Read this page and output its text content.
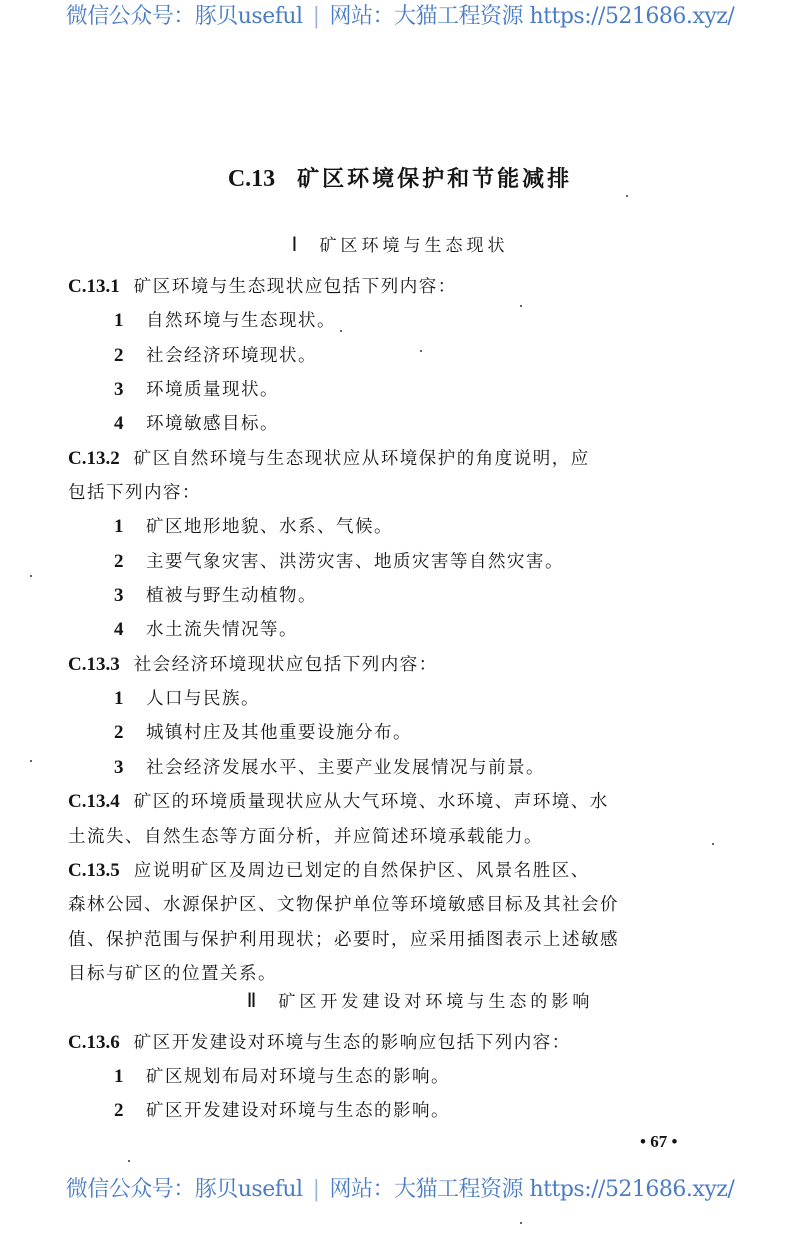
微信公众号：豚贝useful | 网站：大猫工程资源 https://521686.xyz/
C.13 矿区环境保护和节能减排
Ⅰ 矿区环境与生态现状
C.13.1 矿区环境与生态现状应包括下列内容：
1 自然环境与生态现状。
2 社会经济环境现状。
3 环境质量现状。
4 环境敏感目标。
C.13.2 矿区自然环境与生态现状应从环境保护的角度说明，应
包括下列内容：
1 矿区地形地貌、水系、气候。
2 主要气象灾害、洪涝灾害、地质灾害等自然灾害。
3 植被与野生动植物。
4 水土流失情况等。
C.13.3 社会经济环境现状应包括下列内容：
1 人口与民族。
2 城镇村庄及其他重要设施分布。
3 社会经济发展水平、主要产业发展情况与前景。
C.13.4 矿区的环境质量现状应从大气环境、水环境、声环境、水
土流失、自然生态等方面分析，并应简述环境承载能力。
C.13.5 应说明矿区及周边已划定的自然保护区、风景名胜区、
森林公园、水源保护区、文物保护单位等环境敏感目标及其社会价
值、保护范围与保护利用现状；必要时，应采用插图表示上述敏感
目标与矿区的位置关系。
C.13.6 矿区开发建设对环境与生态的影响应包括下列内容：
1 矿区规划布局对环境与生态的影响。
2 矿区开发建设对环境与生态的影响。
Ⅱ 矿区开发建设对环境与生态的影响
• 67 •
微信公众号：豚贝useful | 网站：大猫工程资源 https://521686.xyz/
